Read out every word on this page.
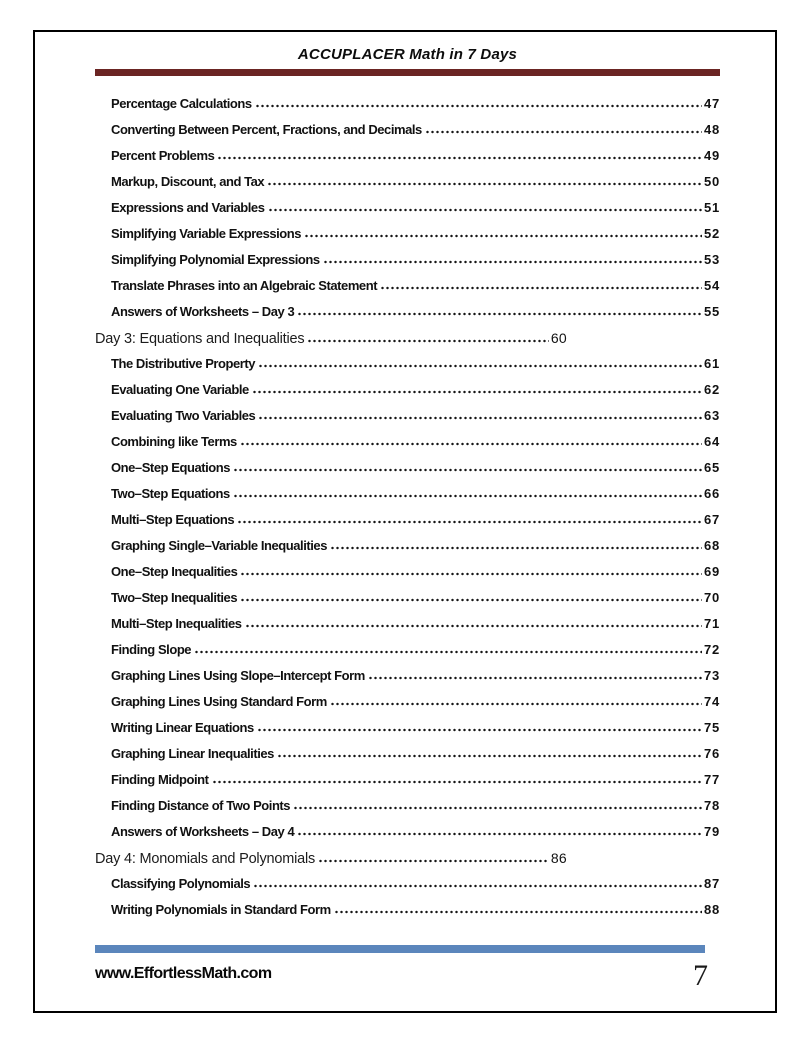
ACCUPLACER Math in 7 Days
Percentage Calculations	47
Converting Between Percent, Fractions, and Decimals	48
Percent Problems	49
Markup, Discount, and Tax	50
Expressions and Variables	51
Simplifying Variable Expressions	52
Simplifying Polynomial Expressions	53
Translate Phrases into an Algebraic Statement	54
Answers of Worksheets – Day 3	55
Day 3: Equations and Inequalities	60
The Distributive Property	61
Evaluating One Variable	62
Evaluating Two Variables	63
Combining like Terms	64
One–Step Equations	65
Two–Step Equations	66
Multi–Step Equations	67
Graphing Single–Variable Inequalities	68
One–Step Inequalities	69
Two–Step Inequalities	70
Multi–Step Inequalities	71
Finding Slope	72
Graphing Lines Using Slope–Intercept Form	73
Graphing Lines Using Standard Form	74
Writing Linear Equations	75
Graphing Linear Inequalities	76
Finding Midpoint	77
Finding Distance of Two Points	78
Answers of Worksheets – Day 4	79
Day 4: Monomials and Polynomials	86
Classifying Polynomials	87
Writing Polynomials in Standard Form	88
www.EffortlessMath.com	7
